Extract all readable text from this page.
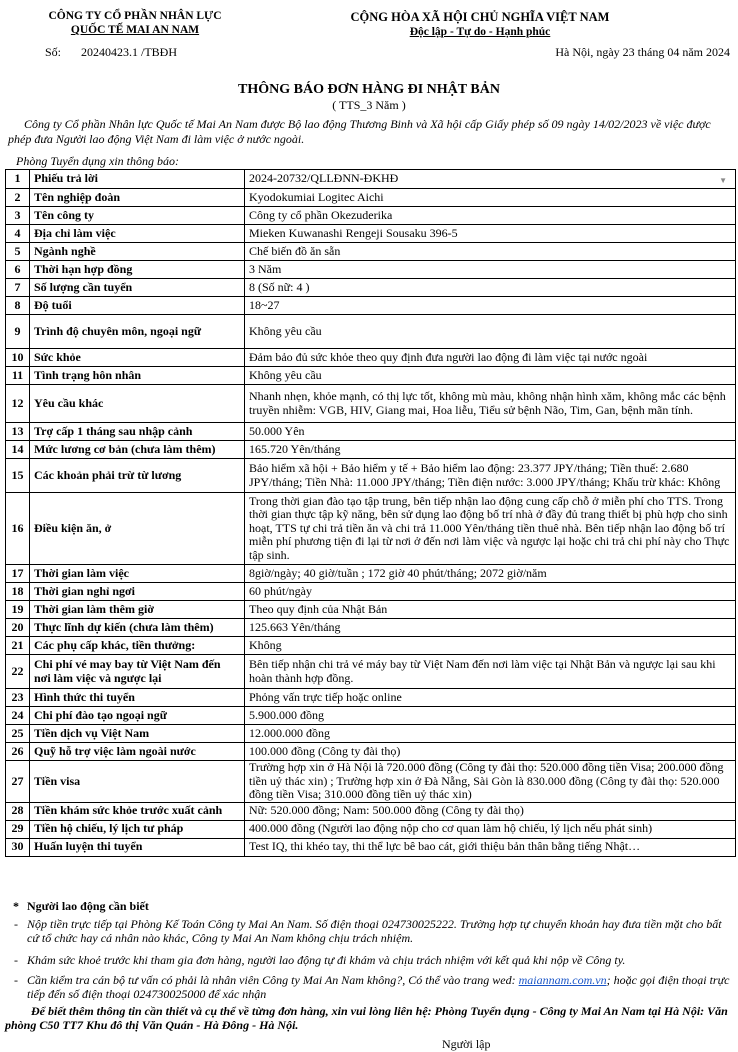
CÔNG TY CỔ PHẦN NHÂN LỰC
QUỐC TẾ MAI AN NAM
Số: 20240423.1 /TBĐH
CỘNG HÒA XÃ HỘI CHỦ NGHĨA VIỆT NAM
Độc lập - Tự do - Hạnh phúc
Hà Nội, ngày 23 tháng 04 năm 2024
THÔNG BÁO ĐƠN HÀNG ĐI NHẬT BẢN
( TTS_3 Năm )
Công ty Cổ phần Nhân lực Quốc tế Mai An Nam được Bộ lao động Thương Binh và Xã hội cấp Giấy phép số 09 ngày 14/02/2023 về việc được phép đưa Người lao động Việt Nam đi làm việc ở nước ngoài.
Phòng Tuyển dụng xin thông báo:
1	Phiếu trả lời	2024-20732/QLLĐNN-ĐKHĐ ▼

2	Tên nghiệp đoàn	Kyodokumiai Logitec Aichi
3	Tên công ty	Công ty cổ phần Okezuderika
4	Địa chỉ làm việc	Mieken Kuwanashi Rengeji Sousaku 396-5
5	Ngành nghề	Chế biến đồ ăn sẵn
6	Thời hạn hợp đồng	3 Năm
7	Số lượng cần tuyển	8 (Số nữ: 4 )
8	Độ tuổi	18~27
9	Trình độ chuyên môn, ngoại ngữ	Không yêu cầu
10	Sức khỏe	Đảm bảo đủ sức khỏe theo quy định đưa người lao động đi làm việc tại nước ngoài
11	Tình trạng hôn nhân	Không yêu cầu
12	Yêu cầu khác	Nhanh nhẹn, khỏe mạnh, có thị lực tốt, không mù màu, không nhận hình xăm, không mắc các bệnh truyền nhiễm: VGB, HIV, Giang mai, Hoa liễu, Tiểu sử bệnh Não, Tim, Gan, bệnh mãn tính.
13	Trợ cấp 1 tháng sau nhập cảnh	50.000 Yên
14	Mức lương cơ bản (chưa làm thêm)	165.720 Yên/tháng
15	Các khoản phải trừ từ lương	Bảo hiểm xã hội + Bảo hiểm y tế + Bảo hiểm lao động: 23.377 JPY/tháng; Tiền thuế: 2.680 JPY/tháng; Tiền Nhà: 11.000 JPY/tháng; Tiền điện nước: 3.000 JPY/tháng; Khấu trừ khác: Không
16	Điều kiện ăn, ở	Trong thời gian đào tạo tập trung, bên tiếp nhận lao động cung cấp chỗ ở miễn phí cho TTS. Trong thời gian thực tập kỹ năng, bên sử dụng lao động bố trí nhà ở đầy đủ trang thiết bị phù hợp cho sinh hoạt, TTS tự chi trả tiền ăn và chi trả 11.000 Yên/tháng tiền thuê nhà. Bên tiếp nhận lao động bố trí miễn phí phương tiện đi lại từ nơi ở đến nơi làm việc và ngược lại hoặc chi trả chi phí này cho Thực tập sinh.
17	Thời gian làm việc	8giờ/ngày; 40 giờ/tuần ; 172 giờ 40 phút/tháng; 2072 giờ/năm
18	Thời gian nghỉ ngơi	60 phút/ngày
19	Thời gian làm thêm giờ	Theo quy định của Nhật Bản
20	Thực lĩnh dự kiến (chưa làm thêm)	125.663 Yên/tháng
21	Các phụ cấp khác, tiền thưởng:	Không
22	Chi phí vé may bay từ Việt Nam đến nơi làm việc và ngược lại	Bên tiếp nhận chi trả vé máy bay từ Việt Nam đến nơi làm việc tại Nhật Bản và ngược lại sau khi hoàn thành hợp đồng.
23	Hình thức thi tuyển	Phỏng vấn trực tiếp hoặc online
24	Chi phí đào tạo ngoại ngữ	5.900.000 đồng
25	Tiền dịch vụ Việt Nam	12.000.000 đồng
26	Quỹ hỗ trợ việc làm ngoài nước	100.000 đồng (Công ty đài thọ)
27	Tiền visa	Trường hợp xin ở Hà Nội là 720.000 đồng (Công ty đài thọ: 520.000 đồng tiền Visa; 200.000 đồng tiền uỷ thác xin) ; Trường hợp xin ở Đà Nẵng, Sài Gòn là 830.000 đồng (Công ty đài thọ: 520.000 đồng tiền Visa; 310.000 đồng tiền uỷ thác xin)
28	Tiền khám sức khỏe trước xuất cảnh	Nữ: 520.000 đồng; Nam: 500.000 đồng (Công ty đài thọ)
29	Tiền hộ chiếu, lý lịch tư pháp	400.000 đồng (Người lao động nộp cho cơ quan làm hộ chiếu, lý lịch nếu phát sinh)
30	Huấn luyện thi tuyển	Test IQ, thi khéo tay, thi thể lực bê bao cát, giới thiệu bản thân bằng tiếng Nhật…
* Người lao động cần biết
- Nộp tiền trực tiếp tại Phòng Kế Toán Công ty Mai An Nam. Số điện thoại 024730025222. Trường hợp tự chuyển khoản hay đưa tiền mặt cho bất cứ tổ chức hay cá nhân nào khác, Công ty Mai An Nam không chịu trách nhiệm.
- Khám sức khoẻ trước khi tham gia đơn hàng, người lao động tự đi khám và chịu trách nhiệm với kết quả khi nộp về Công ty.
- Cần kiểm tra cán bộ tư vấn có phải là nhân viên Công ty Mai An Nam không?, Có thể vào trang wed: maiannam.com.vn; hoặc gọi điện thoại trực tiếp đến số điện thoại 024730025000 để xác nhận
Để biết thêm thông tin cần thiết và cụ thể về từng đơn hàng, xin vui lòng liên hệ: Phòng Tuyển dụng - Công ty Mai An Nam tại Hà Nội: Văn phòng C50 TT7 Khu đô thị Văn Quán - Hà Đông - Hà Nội.
Người lập
